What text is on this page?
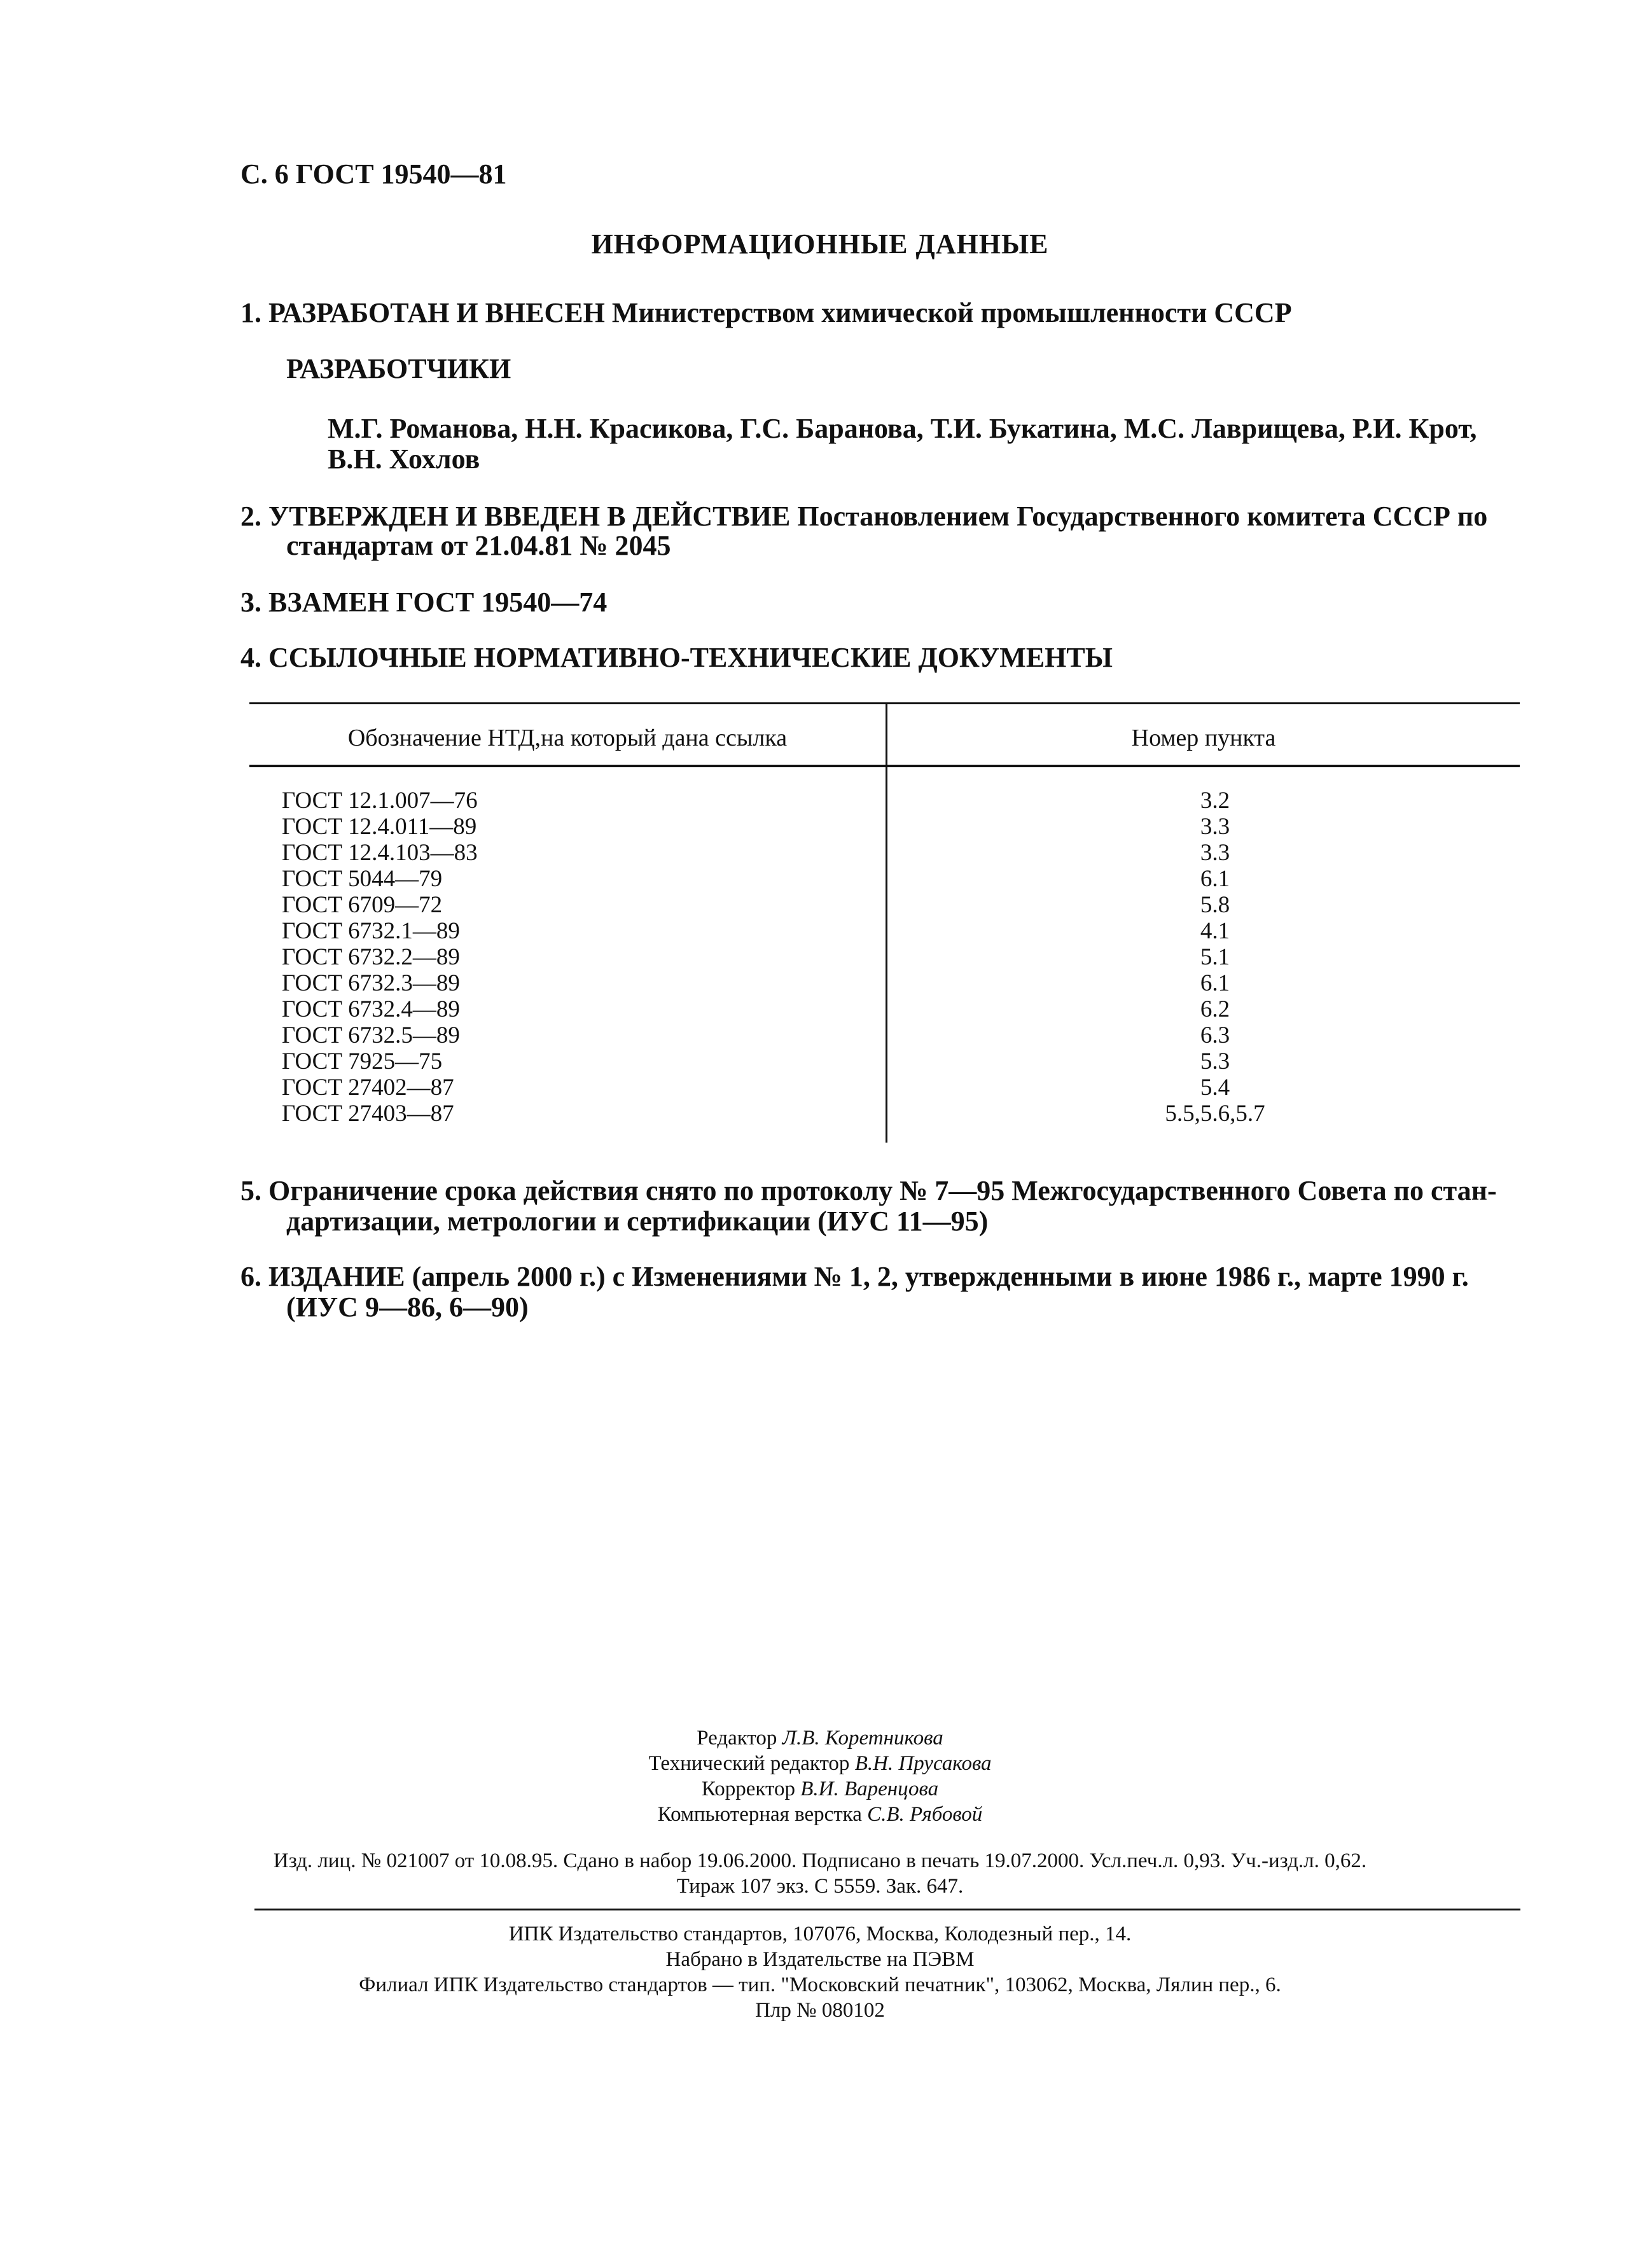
С. 6 ГОСТ 19540—81
ИНФОРМАЦИОННЫЕ ДАННЫЕ
1. РАЗРАБОТАН И ВНЕСЕН Министерством химической промышленности СССР
РАЗРАБОТЧИКИ
М.Г. Романова, Н.Н. Красикова, Г.С. Баранова, Т.И. Букатина, М.С. Лаврищева, Р.И. Крот,
В.Н. Хохлов
2. УТВЕРЖДЕН И ВВЕДЕН В ДЕЙСТВИЕ Постановлением Государственного комитета СССР по
стандартам от 21.04.81 № 2045
3. ВЗАМЕН ГОСТ 19540—74
4. ССЫЛОЧНЫЕ НОРМАТИВНО-ТЕХНИЧЕСКИЕ ДОКУМЕНТЫ
Обозначение НТД,на который дана ссылка	Номер пункта
ГОСТ 12.1.007—76
ГОСТ 12.4.011—89
ГОСТ 12.4.103—83
ГОСТ 5044—79
ГОСТ 6709—72
ГОСТ 6732.1—89
ГОСТ 6732.2—89
ГОСТ 6732.3—89
ГОСТ 6732.4—89
ГОСТ 6732.5—89
ГОСТ 7925—75
ГОСТ 27402—87
ГОСТ 27403—87
3.2
3.3
3.3
6.1
5.8
4.1
5.1
6.1
6.2
6.3
5.3
5.4
5.5,5.6,5.7
5. Ограничение срока действия снято по протоколу № 7—95 Межгосударственного Совета по стан-
дартизации, метрологии и сертификации (ИУС 11—95)
6. ИЗДАНИЕ (апрель 2000 г.) с Изменениями № 1, 2, утвержденными в июне 1986 г., марте 1990 г.
(ИУС 9—86, 6—90)
Редактор Л.В. Коретникова
Технический редактор В.Н. Прусакова
Корректор В.И. Варенцова
Компьютерная верстка С.В. Рябовой
Изд. лиц. № 021007 от 10.08.95. Сдано в набор 19.06.2000. Подписано в печать 19.07.2000. Усл.печ.л. 0,93. Уч.-изд.л. 0,62.
Тираж 107 экз. С 5559. Зак. 647.
ИПК Издательство стандартов, 107076, Москва, Колодезный пер., 14.
Набрано в Издательстве на ПЭВМ
Филиал ИПК Издательство стандартов — тип. "Московский печатник", 103062, Москва, Лялин пер., 6.
Плр № 080102
